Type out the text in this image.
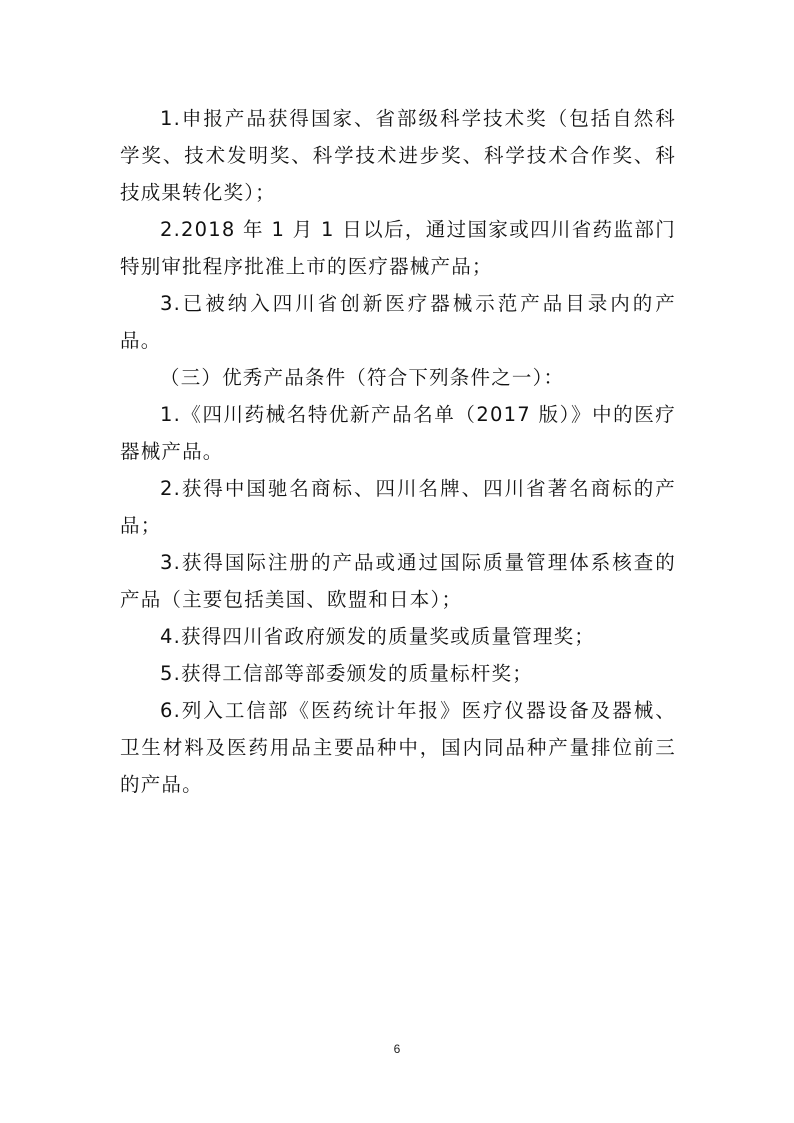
1.申报产品获得国家、省部级科学技术奖（包括自然科学奖、技术发明奖、科学技术进步奖、科学技术合作奖、科技成果转化奖）；

2.2018 年 1 月 1 日以后，通过国家或四川省药监部门特别审批程序批准上市的医疗器械产品；

3.已被纳入四川省创新医疗器械示范产品目录内的产品。

（三）优秀产品条件（符合下列条件之一）：

1.《四川药械名特优新产品名单（2017 版）》中的医疗器械产品。

2.获得中国驰名商标、四川名牌、四川省著名商标的产品；

3.获得国际注册的产品或通过国际质量管理体系核查的产品（主要包括美国、欧盟和日本）；

4.获得四川省政府颁发的质量奖或质量管理奖；

5.获得工信部等部委颁发的质量标杆奖；

6.列入工信部《医药统计年报》医疗仪器设备及器械、卫生材料及医药用品主要品种中，国内同品种产量排位前三的产品。

6
